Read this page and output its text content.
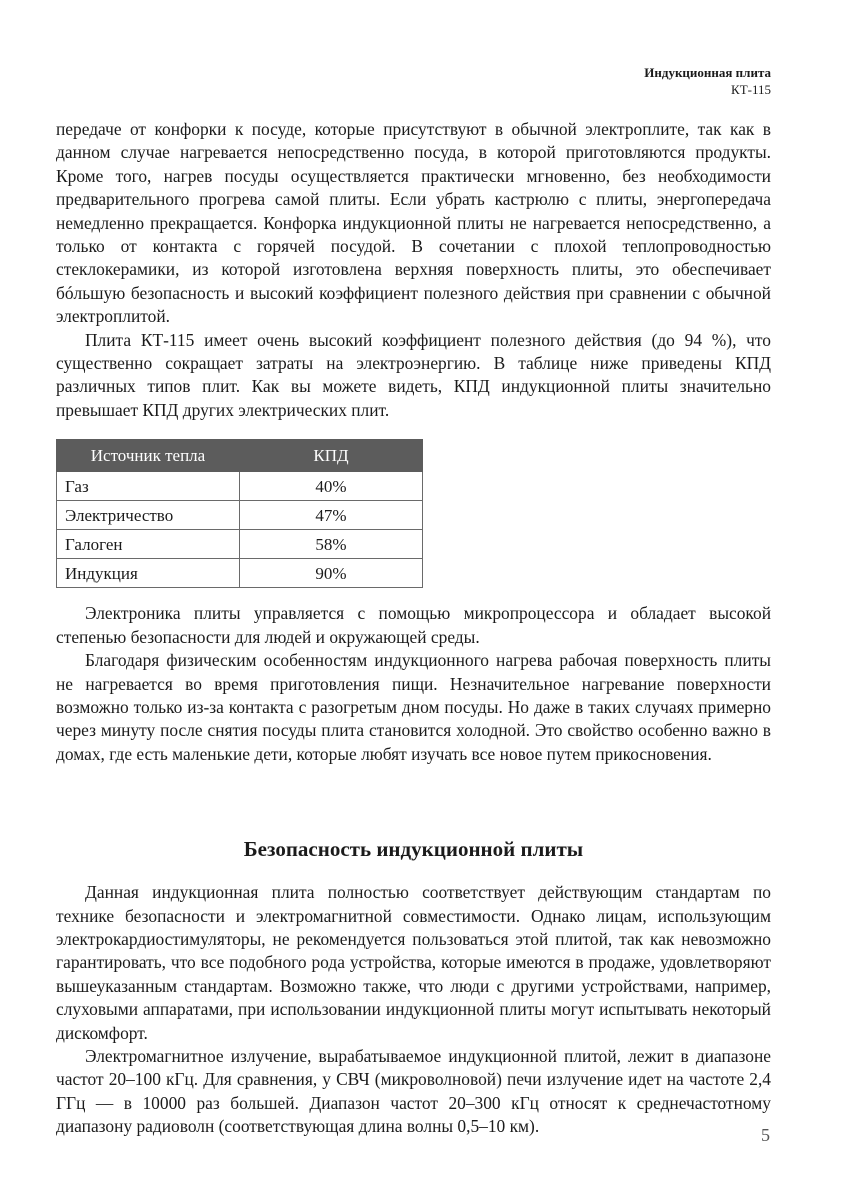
Индукционная плита
КТ-115

передаче от конфорки к посуде, которые присутствуют в обычной электроплите, так как в данном случае нагревается непосредственно посуда, в которой приготовляются продукты. Кроме того, нагрев посуды осуществляется практически мгновенно, без необходимости предварительного прогрева самой плиты. Если убрать кастрюлю с плиты, энергопередача немедленно прекращается. Конфорка индукционной плиты не нагревается непосредственно, а только от контакта с горячей посудой. В сочетании с плохой теплопроводностью стеклокерамики, из которой изготовлена верхняя поверхность плиты, это обеспечивает бóльшую безопасность и высокий коэффициент полезного действия при сравнении с обычной электроплитой.

Плита КТ-115 имеет очень высокий коэффициент полезного действия (до 94 %), что существенно сокращает затраты на электроэнергию. В таблице ниже приведены КПД различных типов плит. Как вы можете видеть, КПД индукционной плиты значительно превышает КПД других электрических плит.

Источник тепла	КПД
Газ	40%
Электричество	47%
Галоген	58%
Индукция	90%

Электроника плиты управляется с помощью микропроцессора и обладает высокой степенью безопасности для людей и окружающей среды.

Благодаря физическим особенностям индукционного нагрева рабочая поверхность плиты не нагревается во время приготовления пищи. Незначительное нагревание поверхности возможно только из-за контакта с разогретым дном посуды. Но даже в таких случаях примерно через минуту после снятия посуды плита становится холодной. Это свойство особенно важно в домах, где есть маленькие дети, которые любят изучать все новое путем прикосновения.

Безопасность индукционной плиты

Данная индукционная плита полностью соответствует действующим стандартам по технике безопасности и электромагнитной совместимости. Однако лицам, использующим электрокардиостимуляторы, не рекомендуется пользоваться этой плитой, так как невозможно гарантировать, что все подобного рода устройства, которые имеются в продаже, удовлетворяют вышеуказанным стандартам. Возможно также, что люди с другими устройствами, например, слуховыми аппаратами, при использовании индукционной плиты могут испытывать некоторый дискомфорт.

Электромагнитное излучение, вырабатываемое индукционной плитой, лежит в диапазоне частот 20–100 кГц. Для сравнения, у СВЧ (микроволновой) печи излучение идет на частоте 2,4 ГГц — в 10000 раз большей. Диапазон частот 20–300 кГц относят к среднечастотному диапазону радиоволн (соответствующая длина волны 0,5–10 км).	5
